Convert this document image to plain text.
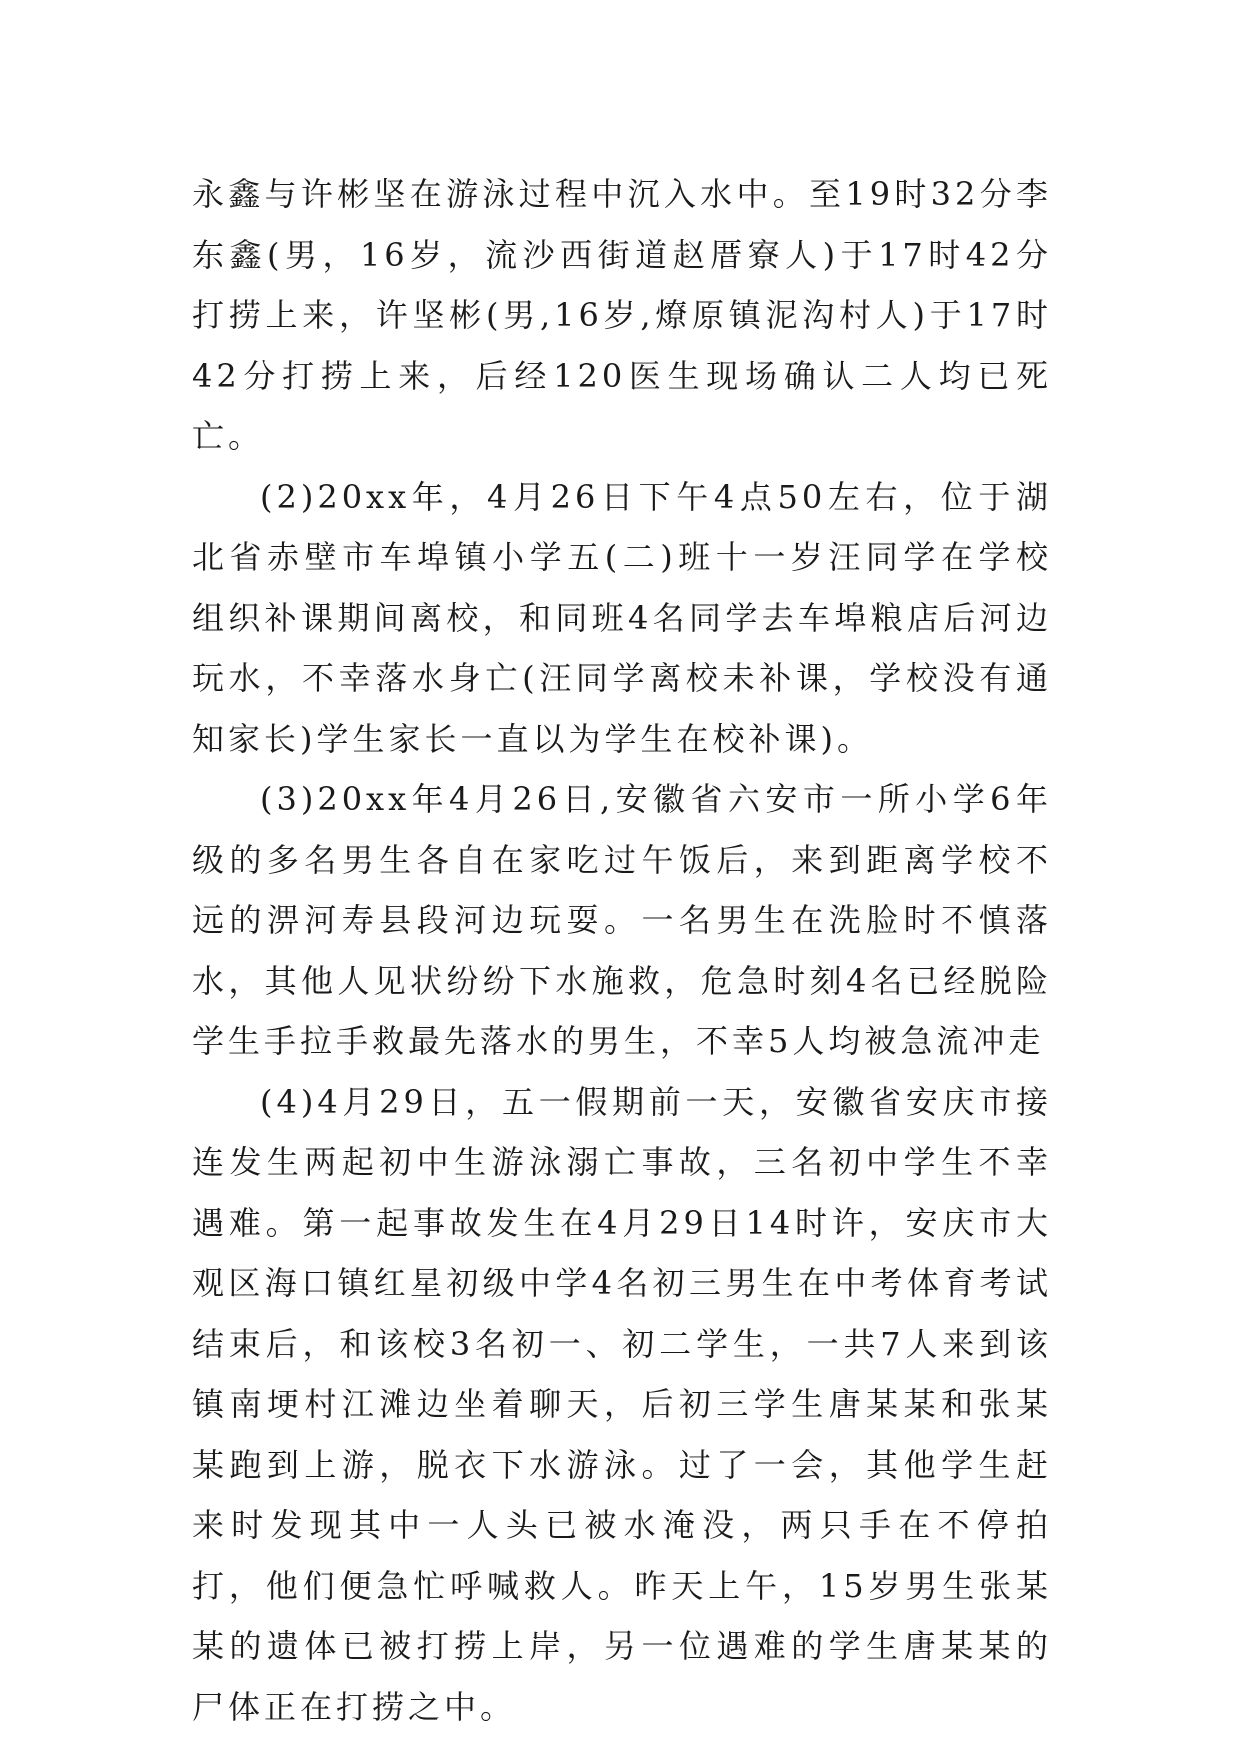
永鑫与许彬坚在游泳过程中沉入水中。至19时32分李东鑫(男，16岁，流沙西街道赵厝寮人)于17时42分打捞上来，许坚彬(男,16岁,燎原镇泥沟村人)于17时42分打捞上来，后经120医生现场确认二人均已死亡。

(2)20xx年，4月26日下午4点50左右，位于湖北省赤壁市车埠镇小学五(二)班十一岁汪同学在学校组织补课期间离校，和同班4名同学去车埠粮店后河边玩水，不幸落水身亡(汪同学离校未补课，学校没有通知家长)学生家长一直以为学生在校补课)。

(3)20xx年4月26日,安徽省六安市一所小学6年级的多名男生各自在家吃过午饭后，来到距离学校不远的淠河寿县段河边玩耍。一名男生在洗脸时不慎落水，其他人见状纷纷下水施救，危急时刻4名已经脱险学生手拉手救最先落水的男生，不幸5人均被急流冲走

(4)4月29日，五一假期前一天，安徽省安庆市接连发生两起初中生游泳溺亡事故，三名初中学生不幸遇难。第一起事故发生在4月29日14时许，安庆市大观区海口镇红星初级中学4名初三男生在中考体育考试结束后，和该校3名初一、初二学生，一共7人来到该镇南埂村江滩边坐着聊天，后初三学生唐某某和张某某跑到上游，脱衣下水游泳。过了一会，其他学生赶来时发现其中一人头已被水淹没，两只手在不停拍打，他们便急忙呼喊救人。昨天上午，15岁男生张某某的遗体已被打捞上岸，另一位遇难的学生唐某某的尸体正在打捞之中。
